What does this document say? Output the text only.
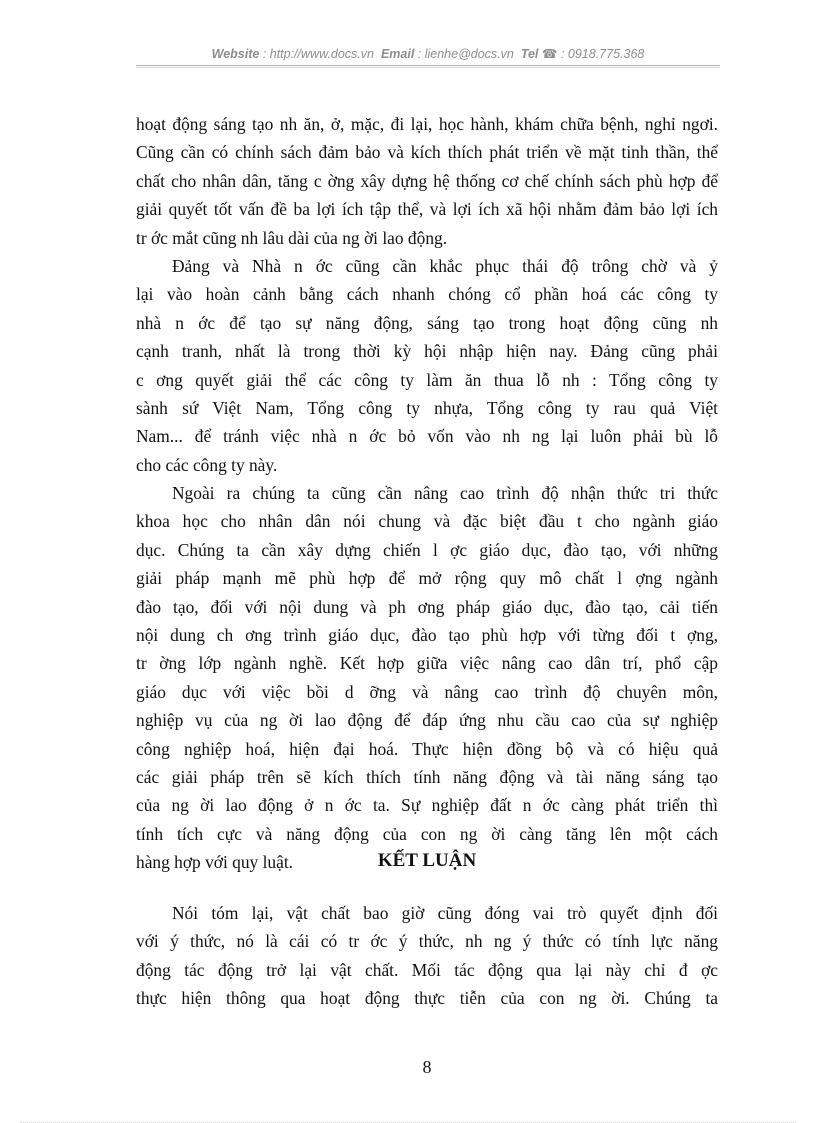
Website : http://www.docs.vn Email : lienhe@docs.vn Tel ☎ : 0918.775.368
hoạt động sáng tạo nh ăn, ở, mặc, đi lại, học hành, khám chữa bệnh, nghỉ ngơi.
Cũng cần có chính sách đảm bảo và kích thích phát triển về mặt tinh thần, thể
chất cho nhân dân, tăng c ờng xây dựng hệ thống cơ chế chính sách phù hợp để
giải quyết tốt vấn đề ba lợi ích tập thể, và lợi ích xã hội nhằm đảm bảo lợi ích
tr ớc mắt cũng nh lâu dài của ng ời lao động.
Đảng và Nhà n ớc cũng cần khắc phục thái độ trông chờ và ỷ
lại vào hoàn cảnh bằng cách nhanh chóng cổ phần hoá các công ty
nhà n ớc để tạo sự năng động, sáng tạo trong hoạt động cũng nh
cạnh tranh, nhất là trong thời kỳ hội nhập hiện nay. Đảng cũng phải
c ơng quyết giải thể các công ty làm ăn thua lỗ nh : Tổng công ty
sành sứ Việt Nam, Tổng công ty nhựa, Tổng công ty rau quả Việt
Nam... để tránh việc nhà n ớc bỏ vốn vào nh ng lại luôn phải bù lỗ
cho các công ty này.
Ngoài ra chúng ta cũng cần nâng cao trình độ nhận thức tri thức
khoa học cho nhân dân nói chung và đặc biệt đầu t cho ngành giáo
dục. Chúng ta cần xây dựng chiến l ợc giáo dục, đào tạo, với những
giải pháp mạnh mẽ phù hợp để mở rộng quy mô chất l ợng ngành
đào tạo, đối với nội dung và ph ơng pháp giáo dục, đào tạo, cải tiến
nội dung ch ơng trình giáo dục, đào tạo phù hợp với từng đối t ợng,
tr ờng lớp ngành nghề. Kết hợp giữa việc nâng cao dân trí, phổ cập
giáo dục với việc bồi d ỡng và nâng cao trình độ chuyên môn,
nghiệp vụ của ng ời lao động để đáp ứng nhu cầu cao của sự nghiệp
công nghiệp hoá, hiện đại hoá. Thực hiện đồng bộ và có hiệu quả
các giải pháp trên sẽ kích thích tính năng động và tài năng sáng tạo
của ng ời lao động ở n ớc ta. Sự nghiệp đất n ớc càng phát triển thì
tính tích cực và năng động của con ng ời càng tăng lên một cách
hàng hợp với quy luật.	KẾT LUẬN
Nói tóm lại, vật chất bao giờ cũng đóng vai trò quyết định đối
với ý thức, nó là cái có tr ớc ý thức, nh ng ý thức có tính lực năng
động tác động trở lại vật chất. Mối tác động qua lại này chỉ đ ợc
thực hiện thông qua hoạt động thực tiễn của con ng ời. Chúng ta
8
